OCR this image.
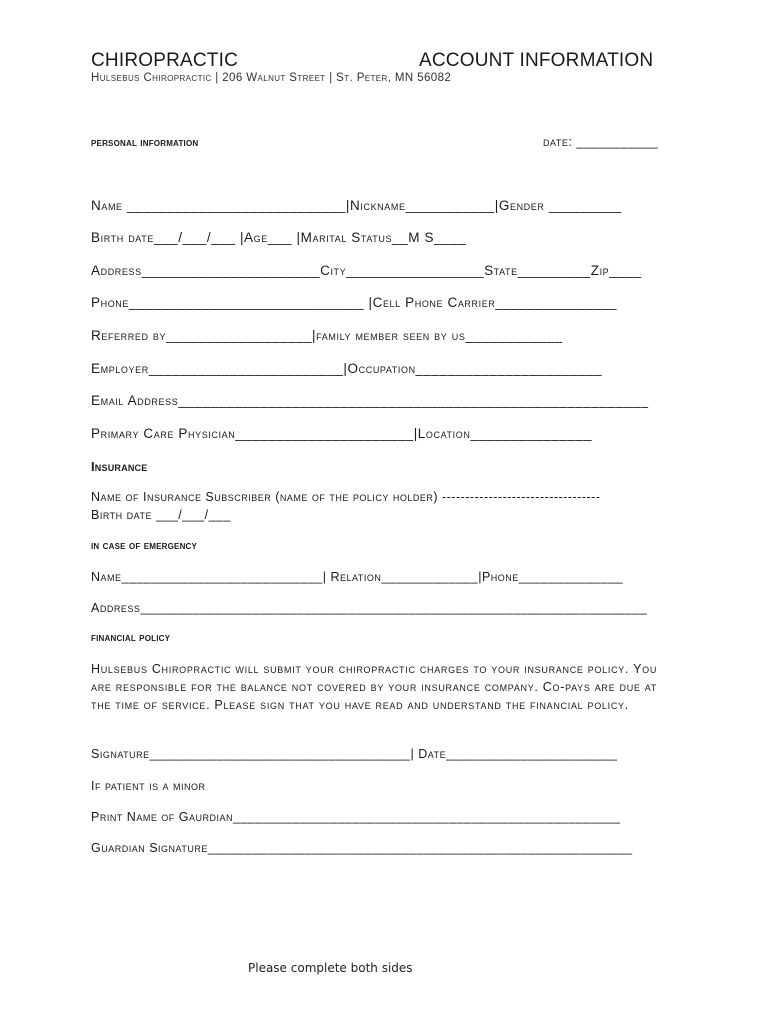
CHIROPRACTIC	ACCOUNT INFORMATION
Hulsebus Chiropractic | 206 Walnut Street | St. Peter, MN 56082
personal information	date: ___________
Name ___________________________|Nickname___________|Gender _________
Birth date___/___/___ |Age___ |Marital Status__M S____
Address______________________City_________________State_________Zip____
Phone_____________________________ |Cell Phone Carrier_______________
Referred by__________________|family member seen by us____________
Employer________________________|Occupation_______________________
Email Address__________________________________________________________
Primary Care Physician______________________|Location_______________
Insurance
Name of Insurance Subscriber (name of the policy holder) ----------------------------------
Birth date ___/___/___
in case of emergency
Name___________________________| Relation_____________|Phone______________
Address____________________________________________________________________
financial policy
Hulsebus Chiropractic will submit your chiropractic charges to your insurance policy. You are responsible for the balance not covered by your insurance company. Co-pays are due at the time of service. Please sign that you have read and understand the financial policy.
Signature___________________________________| Date_______________________
If patient is a minor
Print Name of Gaurdian____________________________________________________
Guardian Signature_________________________________________________________
Please complete both sides
